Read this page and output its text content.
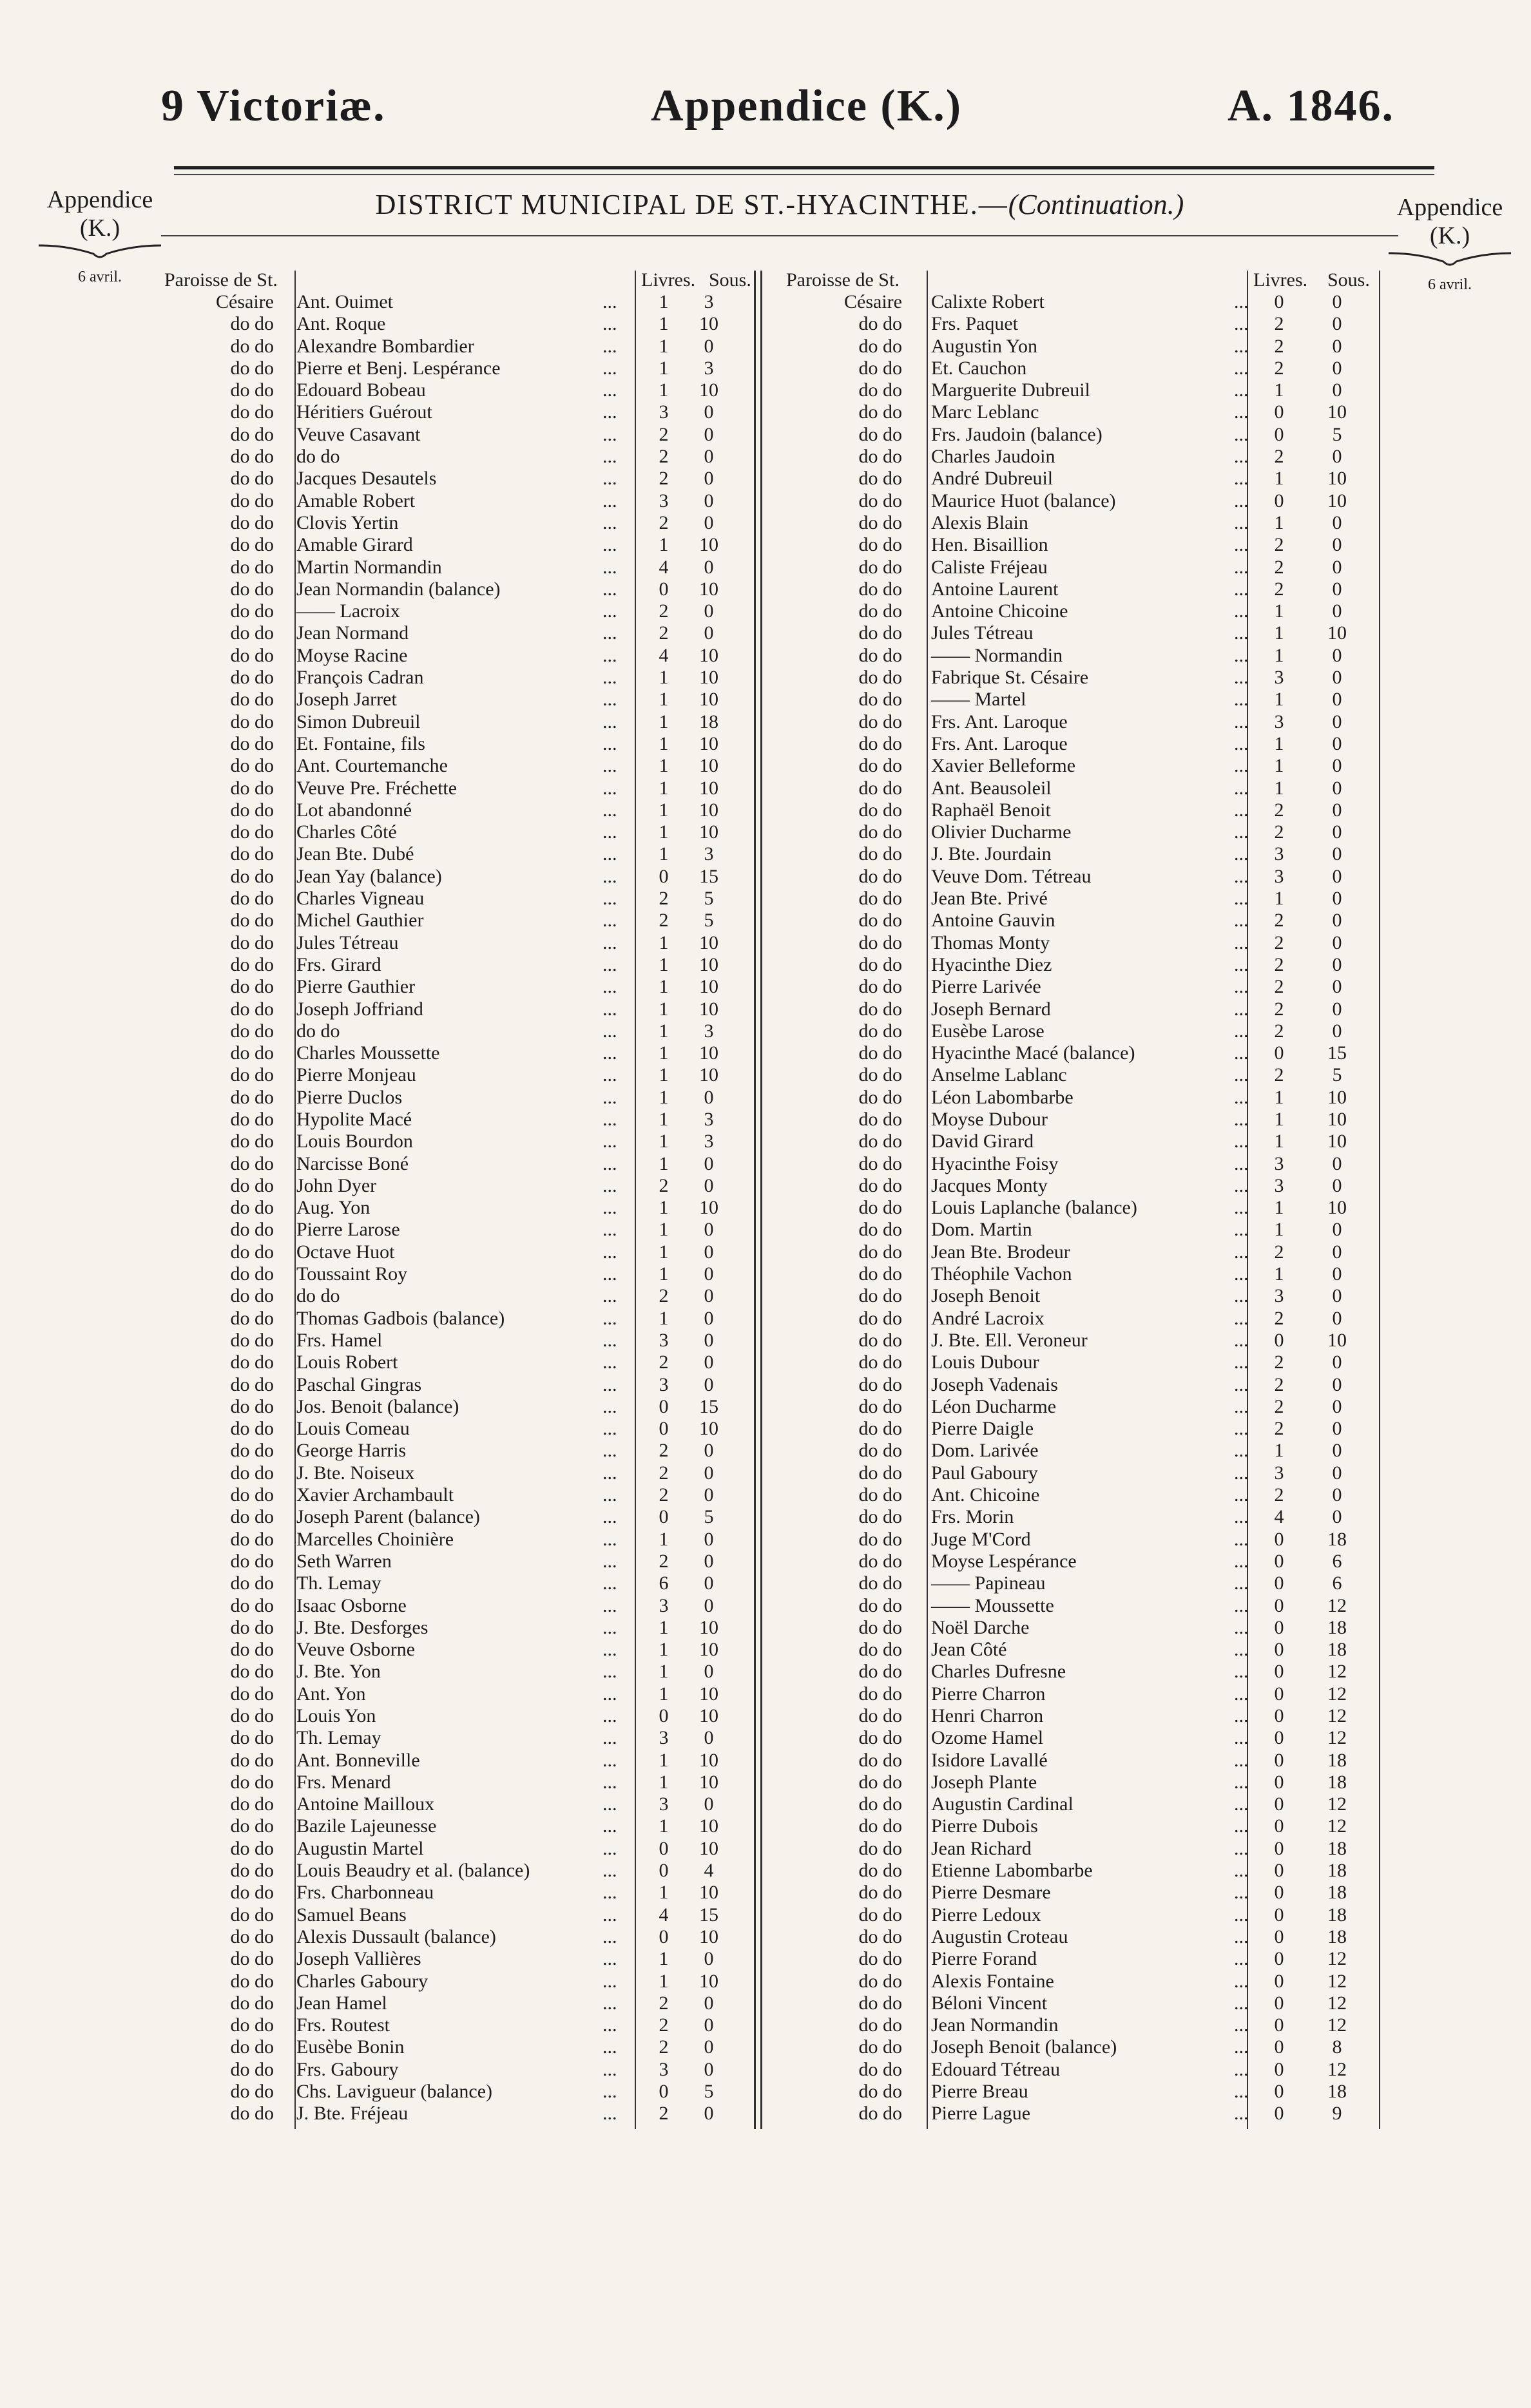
9 Victoriæ.	Appendice (K.)	A. 1846.
Appendice
(K.)
6 avril.
Appendice
(K.)
6 avril.
DISTRICT MUNICIPAL DE ST.-HYACINTHE.—(Continuation.)
Paroisse de St.	Livres. Sous. Paroisse de St.	Livres. Sous.
Césaire Ant. Ouimet	...	1	3
do do Ant. Roque	...	1	10
do do Alexandre Bombardier	...	1	0
do do Pierre et Benj. Lespérance	...	1	3
do do Edouard Bobeau	...	1	10
do do Héritiers Guérout	...	3	0
do do Veuve Casavant	...	2	0
do do do do	...	2	0
do do Jacques Desautels	...	2	0
do do Amable Robert	...	3	0
do do Clovis Yertin	...	2	0
do do Amable Girard	...	1	10
do do Martin Normandin	...	4	0
do do Jean Normandin (balance)	...	0	10
do do —— Lacroix	...	2	0
do do Jean Normand	...	2	0
do do Moyse Racine	...	4	10
do do François Cadran	...	1	10
do do Joseph Jarret	...	1	10
do do Simon Dubreuil	...	1	18
do do Et. Fontaine, fils	...	1	10
do do Ant. Courtemanche	...	1	10
do do Veuve Pre. Fréchette	...	1	10
do do Lot abandonné	...	1	10
do do Charles Côté	...	1	10
do do Jean Bte. Dubé	...	1	3
do do Jean Yay (balance)	...	0	15
do do Charles Vigneau	...	2	5
do do Michel Gauthier	...	2	5
do do Jules Tétreau	...	1	10
do do Frs. Girard	...	1	10
do do Pierre Gauthier	...	1	10
do do Joseph Joffriand	...	1	10
do do do do	...	1	3
do do Charles Moussette	...	1	10
do do Pierre Monjeau	...	1	10
do do Pierre Duclos	...	1	0
do do Hypolite Macé	...	1	3
do do Louis Bourdon	...	1	3
do do Narcisse Boné	...	1	0
do do John Dyer	...	2	0
do do Aug. Yon	...	1	10
do do Pierre Larose	...	1	0
do do Octave Huot	...	1	0
do do Toussaint Roy	...	1	0
do do do do	...	2	0
do do Thomas Gadbois (balance)	...	1	0
do do Frs. Hamel	...	3	0
do do Louis Robert	...	2	0
do do Paschal Gingras	...	3	0
do do Jos. Benoit (balance)	...	0	15
do do Louis Comeau	...	0	10
do do George Harris	...	2	0
do do J. Bte. Noiseux	...	2	0
do do Xavier Archambault	...	2	0
do do Joseph Parent (balance)	...	0	5
do do Marcelles Choinière	...	1	0
do do Seth Warren	...	2	0
do do Th. Lemay	...	6	0
do do Isaac Osborne	...	3	0
do do J. Bte. Desforges	...	1	10
do do Veuve Osborne	...	1	10
do do J. Bte. Yon	...	1	0
do do Ant. Yon	...	1	10
do do Louis Yon	...	0	10
do do Th. Lemay	...	3	0
do do Ant. Bonneville	...	1	10
do do Frs. Menard	...	1	10
do do Antoine Mailloux	...	3	0
do do Bazile Lajeunesse	...	1	10
do do Augustin Martel	...	0	10
do do Louis Beaudry et al. (balance)	...	0	4
do do Frs. Charbonneau	...	1	10
do do Samuel Beans	...	4	15
do do Alexis Dussault (balance)	...	0	10
do do Joseph Vallières	...	1	0
do do Charles Gaboury	...	1	10
do do Jean Hamel	...	2	0
do do Frs. Routest	...	2	0
do do Eusèbe Bonin	...	2	0
do do Frs. Gaboury	...	3	0
do do Chs. Lavigueur (balance)	...	0	5
do do J. Bte. Fréjeau	...	2	0
Césaire Calixte Robert	...	0	0
do do Frs. Paquet	...	2	0
do do Augustin Yon	...	2	0
do do Et. Cauchon	...	2	0
do do Marguerite Dubreuil	...	1	0
do do Marc Leblanc	...	0	10
do do Frs. Jaudoin (balance)	...	0	5
do do Charles Jaudoin	...	2	0
do do André Dubreuil	...	1	10
do do Maurice Huot (balance)	...	0	10
do do Alexis Blain	...	1	0
do do Hen. Bisaillion	...	2	0
do do Caliste Fréjeau	...	2	0
do do Antoine Laurent	...	2	0
do do Antoine Chicoine	...	1	0
do do Jules Tétreau	...	1	10
do do —— Normandin	...	1	0
do do Fabrique St. Césaire	...	3	0
do do —— Martel	...	1	0
do do Frs. Ant. Laroque	...	3	0
do do Frs. Ant. Laroque	...	1	0
do do Xavier Belleforme	...	1	0
do do Ant. Beausoleil	...	1	0
do do Raphaël Benoit	...	2	0
do do Olivier Ducharme	...	2	0
do do J. Bte. Jourdain	...	3	0
do do Veuve Dom. Tétreau	...	3	0
do do Jean Bte. Privé	...	1	0
do do Antoine Gauvin	...	2	0
do do Thomas Monty	...	2	0
do do Hyacinthe Diez	...	2	0
do do Pierre Larivée	...	2	0
do do Joseph Bernard	...	2	0
do do Eusèbe Larose	...	2	0
do do Hyacinthe Macé (balance)	...	0	15
do do Anselme Lablanc	...	2	5
do do Léon Labombarbe	...	1	10
do do Moyse Dubour	...	1	10
do do David Girard	...	1	10
do do Hyacinthe Foisy	...	3	0
do do Jacques Monty	...	3	0
do do Louis Laplanche (balance)	...	1	10
do do Dom. Martin	...	1	0
do do Jean Bte. Brodeur	...	2	0
do do Théophile Vachon	...	1	0
do do Joseph Benoit	...	3	0
do do André Lacroix	...	2	0
do do J. Bte. Ell. Veroneur	...	0	10
do do Louis Dubour	...	2	0
do do Joseph Vadenais	...	2	0
do do Léon Ducharme	...	2	0
do do Pierre Daigle	...	2	0
do do Dom. Larivée	...	1	0
do do Paul Gaboury	...	3	0
do do Ant. Chicoine	...	2	0
do do Frs. Morin	...	4	0
do do Juge M'Cord	...	0	18
do do Moyse Lespérance	...	0	6
do do —— Papineau	...	0	6
do do —— Moussette	...	0	12
do do Noël Darche	...	0	18
do do Jean Côté	...	0	18
do do Charles Dufresne	...	0	12
do do Pierre Charron	...	0	12
do do Henri Charron	...	0	12
do do Ozome Hamel	...	0	12
do do Isidore Lavallé	...	0	18
do do Joseph Plante	...	0	18
do do Augustin Cardinal	...	0	12
do do Pierre Dubois	...	0	12
do do Jean Richard	...	0	18
do do Etienne Labombarbe	...	0	18
do do Pierre Desmare	...	0	18
do do Pierre Ledoux	...	0	18
do do Augustin Croteau	...	0	18
do do Pierre Forand	...	0	12
do do Alexis Fontaine	...	0	12
do do Béloni Vincent	...	0	12
do do Jean Normandin	...	0	12
do do Joseph Benoit (balance)	...	0	8
do do Edouard Tétreau	...	0	12
do do Pierre Breau	...	0	18
do do Pierre Lague	...	0	9
